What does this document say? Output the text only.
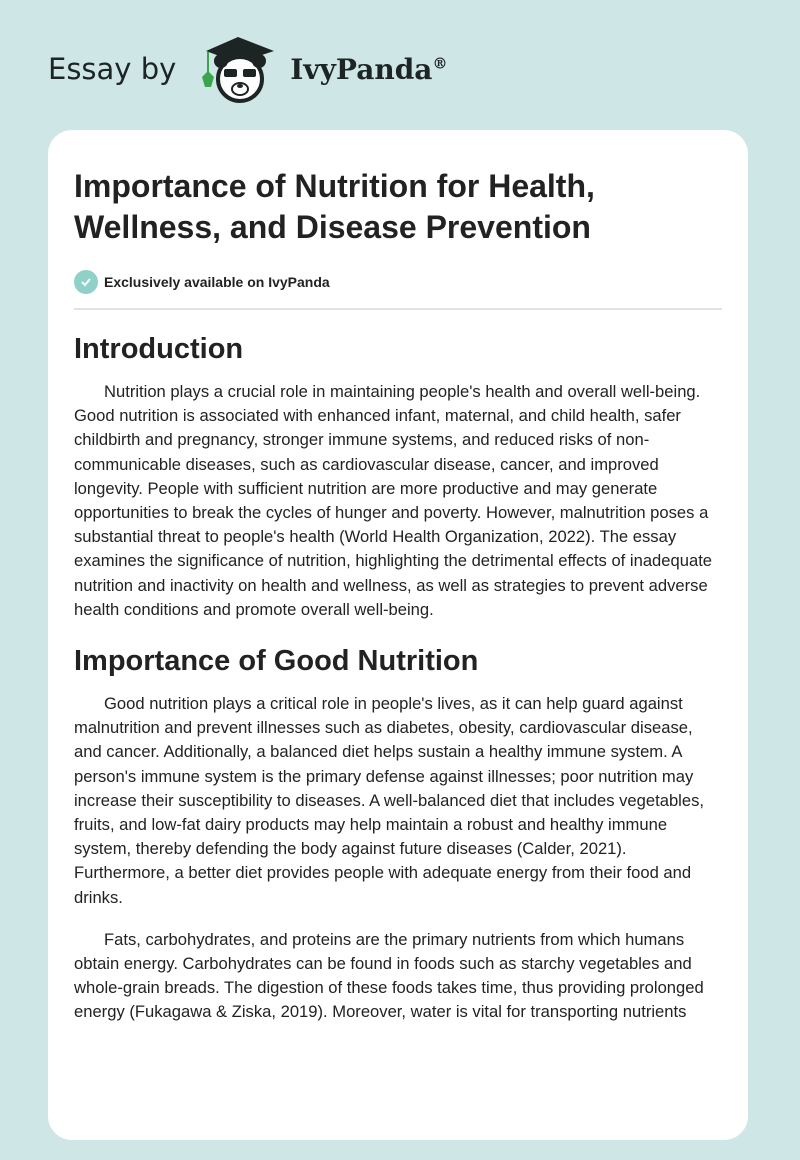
Essay by	IvyPanda®
Importance of Nutrition for Health, Wellness, and Disease Prevention
Exclusively available on IvyPanda
Introduction

Nutrition plays a crucial role in maintaining people's health and overall well-being. Good nutrition is associated with enhanced infant, maternal, and child health, safer childbirth and pregnancy, stronger immune systems, and reduced risks of non-communicable diseases, such as cardiovascular disease, cancer, and improved longevity. People with sufficient nutrition are more productive and may generate opportunities to break the cycles of hunger and poverty. However, malnutrition poses a substantial threat to people's health (World Health Organization, 2022). The essay examines the significance of nutrition, highlighting the detrimental effects of inadequate nutrition and inactivity on health and wellness, as well as strategies to prevent adverse health conditions and promote overall well-being.

Importance of Good Nutrition

Good nutrition plays a critical role in people's lives, as it can help guard against malnutrition and prevent illnesses such as diabetes, obesity, cardiovascular disease, and cancer. Additionally, a balanced diet helps sustain a healthy immune system. A person's immune system is the primary defense against illnesses; poor nutrition may increase their susceptibility to diseases. A well-balanced diet that includes vegetables, fruits, and low-fat dairy products may help maintain a robust and healthy immune system, thereby defending the body against future diseases (Calder, 2021). Furthermore, a better diet provides people with adequate energy from their food and drinks.

Fats, carbohydrates, and proteins are the primary nutrients from which humans obtain energy. Carbohydrates can be found in foods such as starchy vegetables and whole-grain breads. The digestion of these foods takes time, thus providing prolonged energy (Fukagawa & Ziska, 2019). Moreover, water is vital for transporting nutrients
